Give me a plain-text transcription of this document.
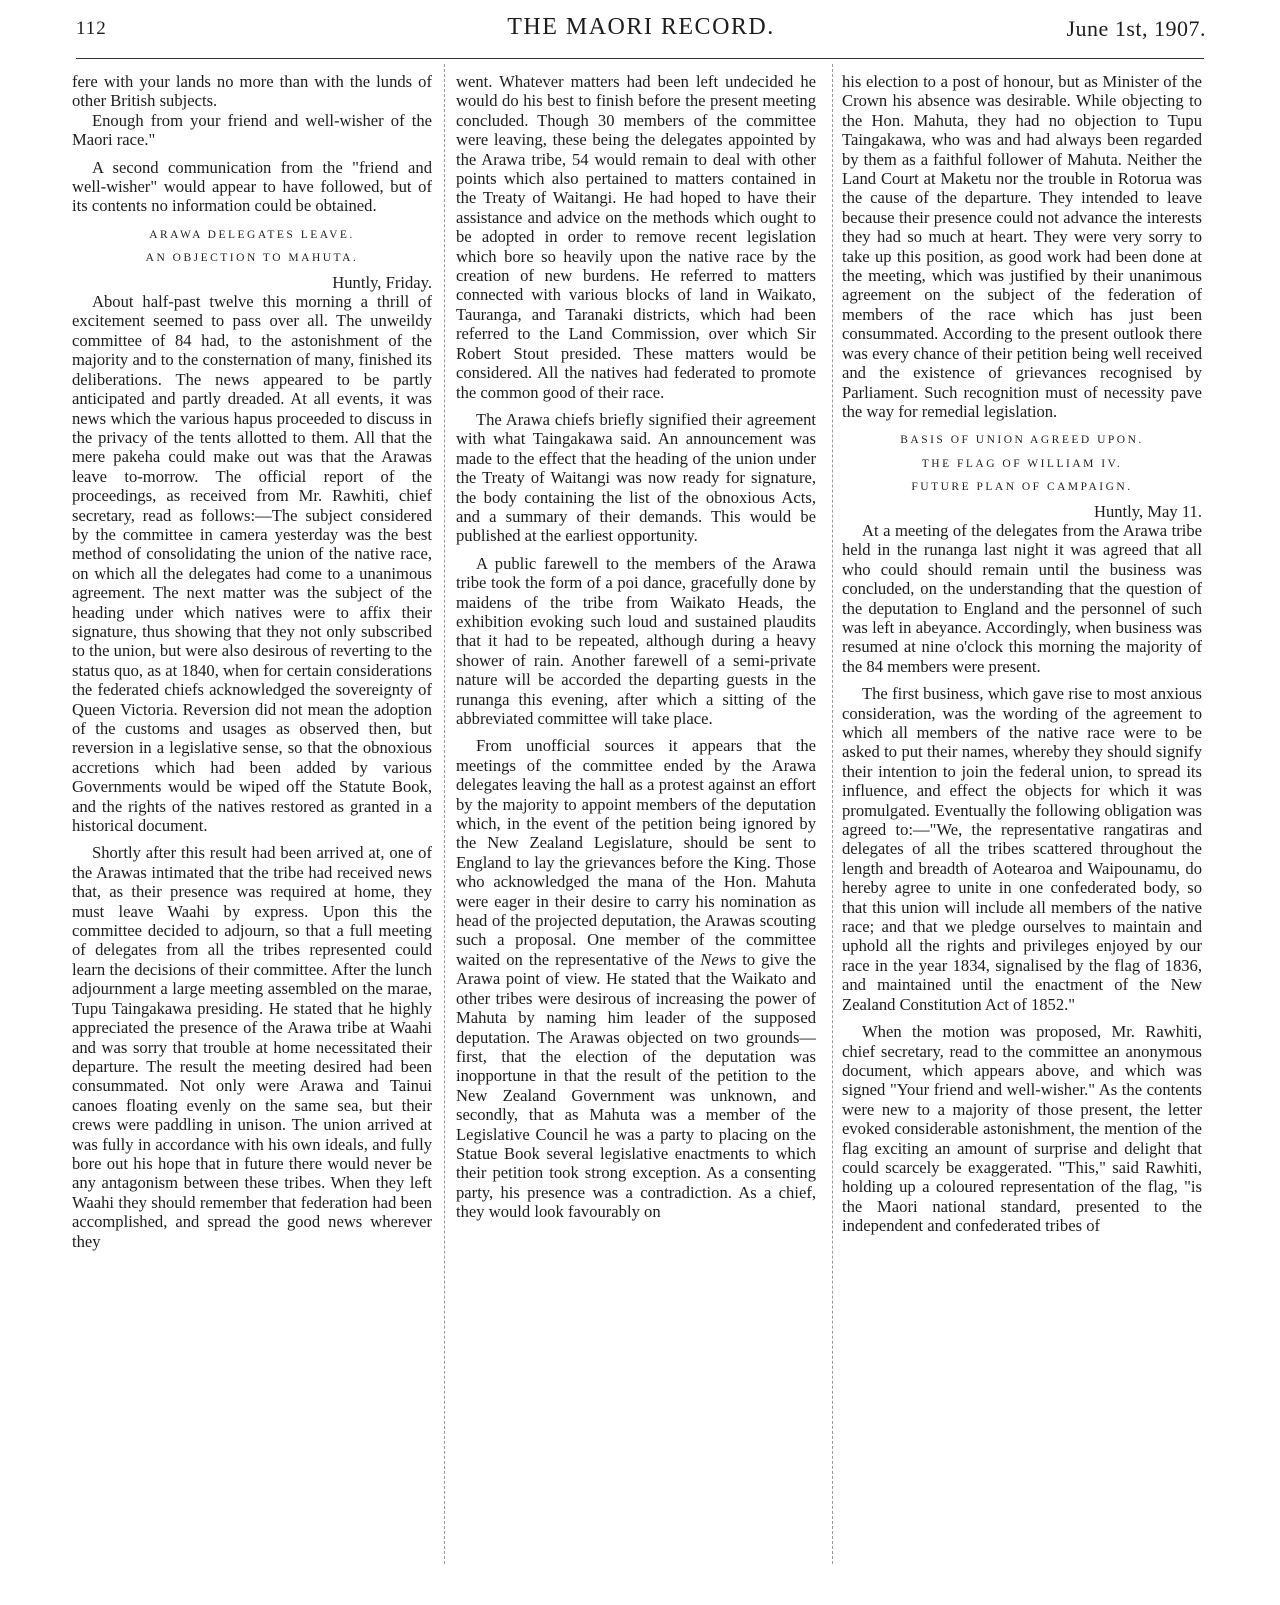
112	THE MAORI RECORD.	June 1st, 1907.

fere with your lands no more than with the lunds of other British subjects.

Enough from your friend and well-wisher of the Maori race."

A second communication from the "friend and well-wisher" would appear to have followed, but of its contents no information could be obtained.

ARAWA DELEGATES LEAVE.
AN OBJECTION TO MAHUTA.

Huntly, Friday.

About half-past twelve this morning a thrill of excitement seemed to pass over all. The unweildy committee of 84 had, to the astonishment of the majority and to the consternation of many, finished its deliberations. The news appeared to be partly anticipated and partly dreaded. At all events, it was news which the various hapus proceeded to discuss in the privacy of the tents allotted to them. All that the mere pakeha could make out was that the Arawas leave to-morrow. The official report of the proceedings, as received from Mr. Rawhiti, chief secretary, read as follows:—The subject considered by the committee in camera yesterday was the best method of consolidating the union of the native race, on which all the delegates had come to a unanimous agreement. The next matter was the subject of the heading under which natives were to affix their signature, thus showing that they not only subscribed to the union, but were also desirous of reverting to the status quo, as at 1840, when for certain considerations the federated chiefs acknowledged the sovereignty of Queen Victoria. Reversion did not mean the adoption of the customs and usages as observed then, but reversion in a legislative sense, so that the obnoxious accretions which had been added by various Governments would be wiped off the Statute Book, and the rights of the natives restored as granted in a historical document.

Shortly after this result had been arrived at, one of the Arawas intimated that the tribe had received news that, as their presence was required at home, they must leave Waahi by express. Upon this the committee decided to adjourn, so that a full meeting of delegates from all the tribes represented could learn the decisions of their committee. After the lunch adjournment a large meeting assembled on the marae, Tupu Taingakawa presiding. He stated that he highly appreciated the presence of the Arawa tribe at Waahi and was sorry that trouble at home necessitated their departure. The result the meeting desired had been consummated. Not only were Arawa and Tainui canoes floating evenly on the same sea, but their crews were paddling in unison. The union arrived at was fully in accordance with his own ideals, and fully bore out his hope that in future there would never be any antagonism between these tribes. When they left Waahi they should remember that federation had been accomplished, and spread the good news wherever they

went. Whatever matters had been left undecided he would do his best to finish before the present meeting concluded. Though 30 members of the committee were leaving, these being the delegates appointed by the Arawa tribe, 54 would remain to deal with other points which also pertained to matters contained in the Treaty of Waitangi. He had hoped to have their assistance and advice on the methods which ought to be adopted in order to remove recent legislation which bore so heavily upon the native race by the creation of new burdens. He referred to matters connected with various blocks of land in Waikato, Tauranga, and Taranaki districts, which had been referred to the Land Commission, over which Sir Robert Stout presided. These matters would be considered. All the natives had federated to promote the common good of their race.

The Arawa chiefs briefly signified their agreement with what Taingakawa said. An announcement was made to the effect that the heading of the union under the Treaty of Waitangi was now ready for signature, the body containing the list of the obnoxious Acts, and a summary of their demands. This would be published at the earliest opportunity.

A public farewell to the members of the Arawa tribe took the form of a poi dance, gracefully done by maidens of the tribe from Waikato Heads, the exhibition evoking such loud and sustained plaudits that it had to be repeated, although during a heavy shower of rain. Another farewell of a semi-private nature will be accorded the departing guests in the runanga this evening, after which a sitting of the abbreviated committee will take place.

From unofficial sources it appears that the meetings of the committee ended by the Arawa delegates leaving the hall as a protest against an effort by the majority to appoint members of the deputation which, in the event of the petition being ignored by the New Zealand Legislature, should be sent to England to lay the grievances before the King. Those who acknowledged the mana of the Hon. Mahuta were eager in their desire to carry his nomination as head of the projected deputation, the Arawas scouting such a proposal. One member of the committee waited on the representative of the News to give the Arawa point of view. He stated that the Waikato and other tribes were desirous of increasing the power of Mahuta by naming him leader of the supposed deputation. The Arawas objected on two grounds—first, that the election of the deputation was inopportune in that the result of the petition to the New Zealand Government was unknown, and secondly, that as Mahuta was a member of the Legislative Council he was a party to placing on the Statue Book several legislative enactments to which their petition took strong exception. As a consenting party, his presence was a contradiction. As a chief, they would look favourably on

his election to a post of honour, but as Minister of the Crown his absence was desirable. While objecting to the Hon. Mahuta, they had no objection to Tupu Taingakawa, who was and had always been regarded by them as a faithful follower of Mahuta. Neither the Land Court at Maketu nor the trouble in Rotorua was the cause of the departure. They intended to leave because their presence could not advance the interests they had so much at heart. They were very sorry to take up this position, as good work had been done at the meeting, which was justified by their unanimous agreement on the subject of the federation of members of the race which has just been consummated. According to the present outlook there was every chance of their petition being well received and the existence of grievances recognised by Parliament. Such recognition must of necessity pave the way for remedial legislation.

BASIS OF UNION AGREED UPON.
THE FLAG OF WILLIAM IV.
FUTURE PLAN OF CAMPAIGN.

Huntly, May 11.

At a meeting of the delegates from the Arawa tribe held in the runanga last night it was agreed that all who could should remain until the business was concluded, on the understanding that the question of the deputation to England and the personnel of such was left in abeyance. Accordingly, when business was resumed at nine o'clock this morning the majority of the 84 members were present.

The first business, which gave rise to most anxious consideration, was the wording of the agreement to which all members of the native race were to be asked to put their names, whereby they should signify their intention to join the federal union, to spread its influence, and effect the objects for which it was promulgated. Eventually the following obligation was agreed to:—"We, the representative rangatiras and delegates of all the tribes scattered throughout the length and breadth of Aotearoa and Waipounamu, do hereby agree to unite in one confederated body, so that this union will include all members of the native race; and that we pledge ourselves to maintain and uphold all the rights and privileges enjoyed by our race in the year 1834, signalised by the flag of 1836, and maintained until the enactment of the New Zealand Constitution Act of 1852."

When the motion was proposed, Mr. Rawhiti, chief secretary, read to the committee an anonymous document, which appears above, and which was signed "Your friend and well-wisher." As the contents were new to a majority of those present, the letter evoked considerable astonishment, the mention of the flag exciting an amount of surprise and delight that could scarcely be exaggerated. "This," said Rawhiti, holding up a coloured representation of the flag, "is the Maori national standard, presented to the independent and confederated tribes of
